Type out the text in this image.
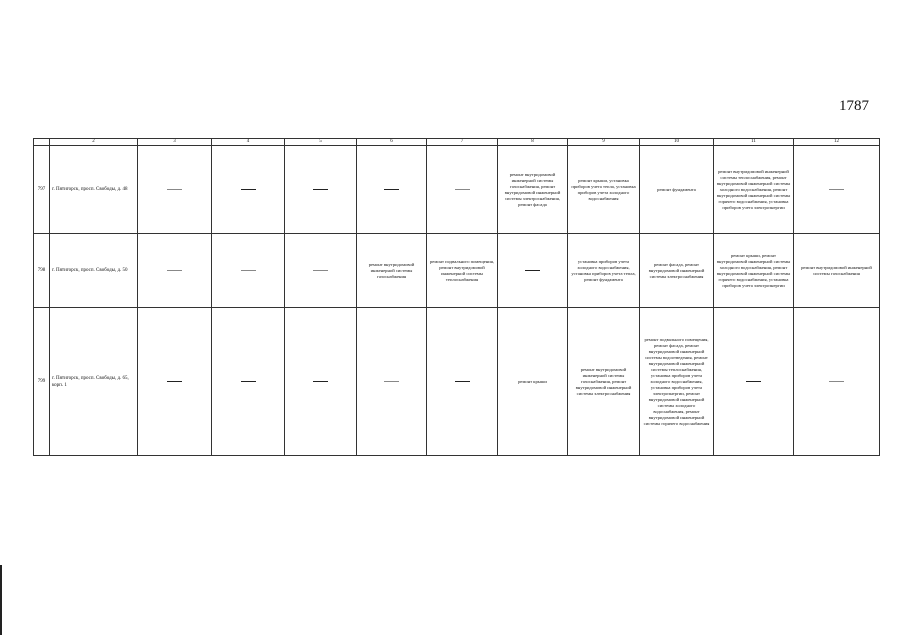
1787
	2	3	4	5	6	7	8	9	10	11	12
797	г. Пятигорск, просп. Свободы, д. 48						ремонт внутридомовой инженерной системы газоснабжения, ремонт внутридомовой инженерной системы электроснабжения, ремонт фасада	ремонт крыши, установка приборов учета тепла, установка приборов учета холодного водоснабжения	ремонт фундамента	ремонт внутридомовой инженерной системы теплоснабжения, ремонт внутридомовой инженерной системы холодного водоснабжения, ремонт внутридомовой инженерной системы горячего водоснабжения, установка приборов учета электроэнергии	
798	г. Пятигорск, просп. Свободы, д. 50				ремонт внутридомовой инженерной системы газоснабжения	ремонт подвального помещения, ремонт внутридомовой инженерной системы теплоснабжения		установка приборов учета холодного водоснабжения, установка приборов учета тепла, ремонт фундамента	ремонт фасада, ремонт внутридомовой инженерной системы электроснабжения	ремонт крыши, ремонт внутридомовой инженерной системы холодного водоснабжения, ремонт внутридомовой инженерной системы горячего водоснабжения, установка приборов учета электроэнергии	ремонт внутридомовой инженерной системы газоснабжения
799	г. Пятигорск, просп. Свободы, д. 65, корп. 1						ремонт крыши	ремонт внутридомовой инженерной системы газоснабжения, ремонт внутридомовой инженерной системы электроснабжения	ремонт подвального помещения, ремонт фасада, ремонт внутридомовой инженерной системы водоотведения, ремонт внутридомовой инженерной системы теплоснабжения, установка приборов учета холодного водоснабжения, установка приборов учета электроэнергии, ремонт внутридомовой инженерной системы холодного водоснабжения, ремонт внутридомовой инженерной системы горячего водоснабжения		
